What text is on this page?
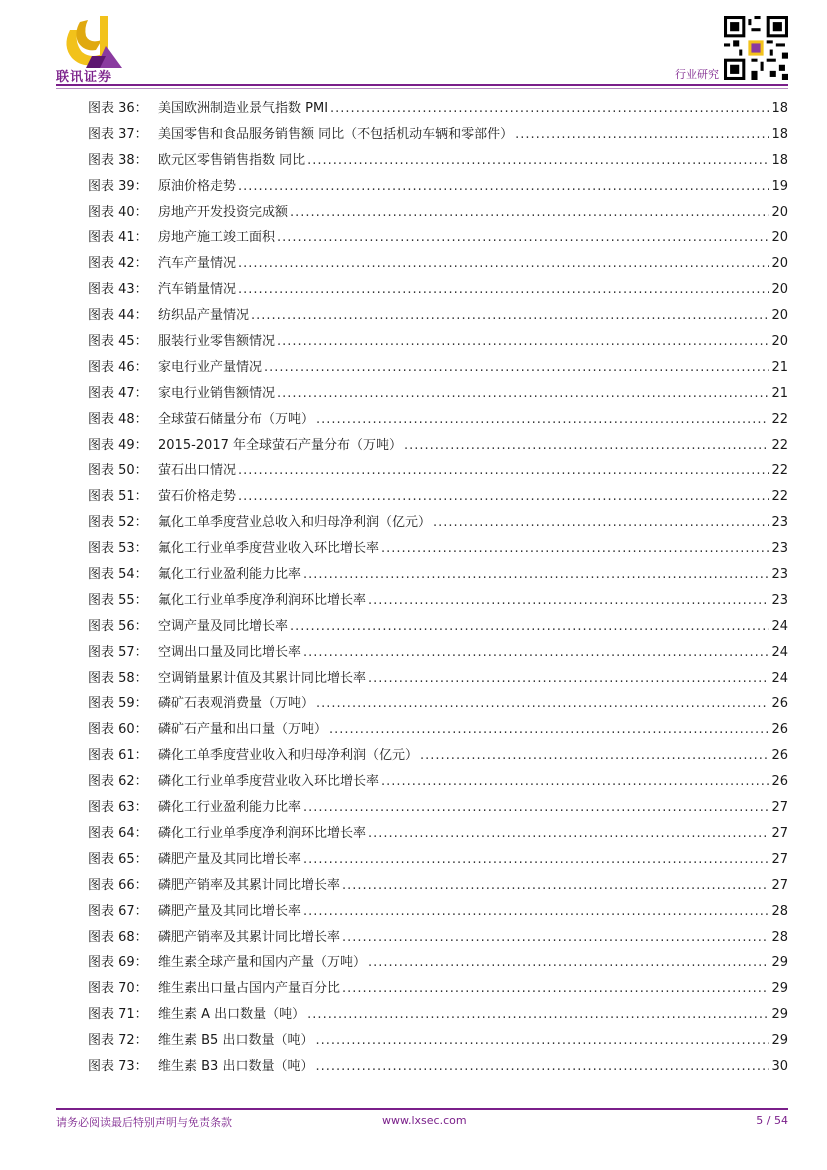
联讯证券	行业研究
图表 36： 美国欧洲制造业景气指数 PMI .....	18
图表 37： 美国零售和食品服务销售额 同比（不包括机动车辆和零部件） .....	18
图表 38： 欧元区零售销售指数 同比 .....	18
图表 39： 原油价格走势 .....	19
图表 40： 房地产开发投资完成额 .....	20
图表 41： 房地产施工竣工面积 .....	20
图表 42： 汽车产量情况 .....	20
图表 43： 汽车销量情况 .....	20
图表 44： 纺织品产量情况 .....	20
图表 45： 服装行业零售额情况 .....	20
图表 46： 家电行业产量情况 .....	21
图表 47： 家电行业销售额情况 .....	21
图表 48： 全球萤石储量分布（万吨） .....	22
图表 49： 2015-2017 年全球萤石产量分布（万吨） .....	22
图表 50： 萤石出口情况 .....	22
图表 51： 萤石价格走势 .....	22
图表 52： 氟化工单季度营业总收入和归母净利润（亿元） .....	23
图表 53： 氟化工行业单季度营业收入环比增长率 .....	23
图表 54： 氟化工行业盈利能力比率 .....	23
图表 55： 氟化工行业单季度净利润环比增长率 .....	23
图表 56： 空调产量及同比增长率 .....	24
图表 57： 空调出口量及同比增长率 .....	24
图表 58： 空调销量累计值及其累计同比增长率 .....	24
图表 59： 磷矿石表观消费量（万吨） .....	26
图表 60： 磷矿石产量和出口量（万吨） .....	26
图表 61： 磷化工单季度营业收入和归母净利润（亿元） .....	26
图表 62： 磷化工行业单季度营业收入环比增长率 .....	26
图表 63： 磷化工行业盈利能力比率 .....	27
图表 64： 磷化工行业单季度净利润环比增长率 .....	27
图表 65： 磷肥产量及其同比增长率 .....	27
图表 66： 磷肥产销率及其累计同比增长率 .....	27
图表 67： 磷肥产量及其同比增长率 .....	28
图表 68： 磷肥产销率及其累计同比增长率 .....	28
图表 69： 维生素全球产量和国内产量（万吨） .....	29
图表 70： 维生素出口量占国内产量百分比 .....	29
图表 71： 维生素 A 出口数量（吨） .....	29
图表 72： 维生素 B5 出口数量（吨） .....	29
图表 73： 维生素 B3 出口数量（吨） .....	30
请务必阅读最后特别声明与免责条款	www.lxsec.com	5 / 54
